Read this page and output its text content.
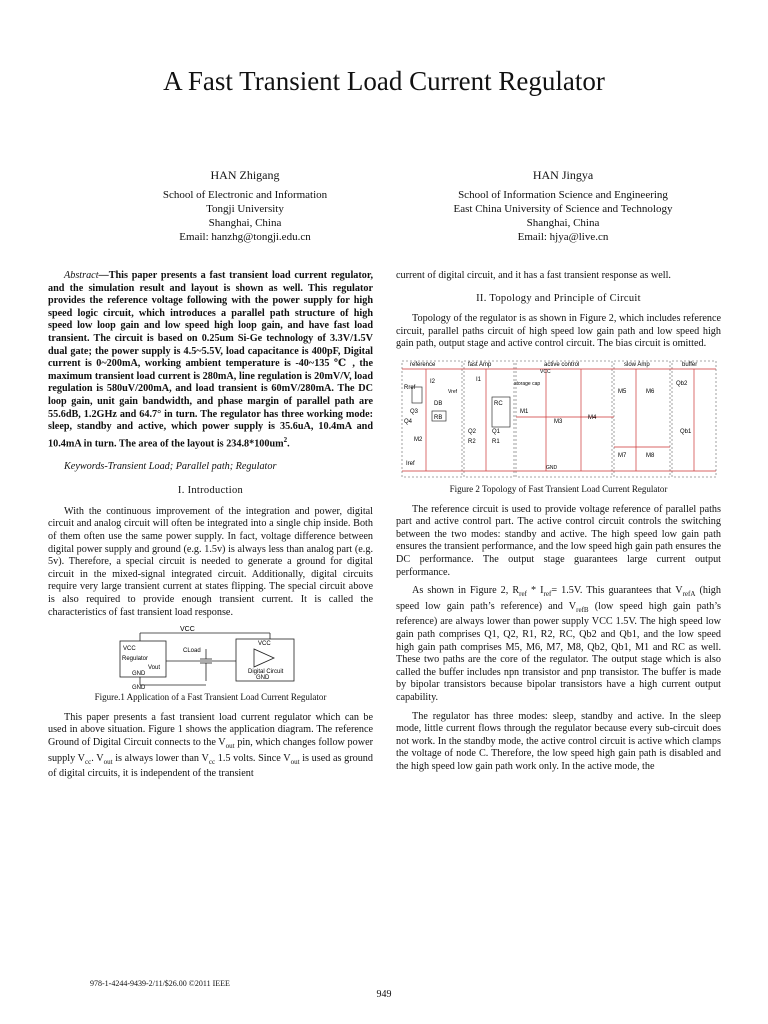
A Fast Transient Load Current Regulator
HAN Zhigang
School of Electronic and Information
Tongji University
Shanghai, China
Email: hanzhg@tongji.edu.cn
HAN Jingya
School of Information Science and Engineering
East China University of Science and Technology
Shanghai, China
Email: hjya@live.cn

Abstract—This paper presents a fast transient load current regulator, and the simulation result and layout is shown as well. This regulator provides the reference voltage following with the power supply for high speed logic circuit, which introduces a parallel path structure of high speed low loop gain and low speed high loop gain, and have fast load transient. The circuit is based on 0.25um Si-Ge technology of 3.3V/1.5V dual gate; the power supply is 4.5~5.5V, load capacitance is 400pF, Digital current is 0~200mA, working ambient temperature is -40~135 ℃ , the maximum transient load current is 280mA, line regulation is 20mV/V, load regulation is 580uV/200mA, and load transient is 60mV/280mA. The DC loop gain, unit gain bandwidth, and phase margin of parallel path are 55.6dB, 1.2GHz and 64.7° in turn. The regulator has three working mode: sleep, standby and active, which power supply is 35.6uA, 10.4mA and 10.4mA in turn. The area of the layout is $234.8*100um^2$.

Keywords-Transient Load; Parallel path; Regulator

I. Introduction

With the continuous improvement of the integration and power, digital circuit and analog circuit will often be integrated into a single chip inside. Both of them often use the same power supply. In fact, voltage difference between digital power supply and ground (e.g. 1.5v) is always less than analog part (e.g. 5v). Therefore, a special circuit is needed to generate a ground for digital circuit in the mixed-signal integrated circuit. Additionally, digital circuits require very large transient current at states flipping. The special circuit above is also required to provide enough transient current. It is called the characteristics of fast transient load response.

VCC
VCC
Regulator
Vout
GND
GND
CLoad
VCC
Digital Circuit
GND
Figure.1 Application of a Fast Transient Load Current Regulator

This paper presents a fast transient load current regulator which can be used in above situation. Figure 1 shows the application diagram. The reference Ground of Digital Circuit connects to the $V_{out}$ pin, which changes follow power supply $V_{cc}$. $V_{out}$ is always lower than $V_{cc}$ 1.5 volts. Since $V_{out}$ is used as ground of digital circuits, it is independent of the transient

current of digital circuit, and it has a fast transient response as well.

II. Topology and Principle of Circuit

Topology of the regulator is as shown in Figure 2, which includes reference circuit, parallel paths circuit of high speed low gain path and low speed high gain path, output stage and active control circuit. The bias circuit is omitted.

reference	fast Amp	active control	slow Amp	buffer
Rref
I2
DB
Q3
RB
Q4
M2
Iref
I1
RC
Q2	Q1
R2	R1
M1
M3
M4
M5	M6
M7	M8
Qb2
Qb1
VCC
GND
Vref
storage cap
Figure 2 Topology of Fast Transient Load Current Regulator

The reference circuit is used to provide voltage reference of parallel paths part and active control part. The active control circuit controls the switching between the two modes: standby and active. The high speed low gain path ensures the transient performance, and the low speed high gain path ensures the DC performance. The output stage guarantees large current output performance.

As shown in Figure 2, $R_{ref} * I_{ref}= 1.5V$. This guarantees that $V_{refA}$ (high speed low gain path’s reference) and $V_{refB}$ (low speed high gain path’s reference) are always lower than power supply VCC 1.5V. The high speed low gain path comprises Q1, Q2, R1, R2, RC, Qb2 and Qb1, and the low speed high gain path comprises M5, M6, M7, M8, Qb2, Qb1, M1 and RC as well. These two paths are the core of the regulator. The output stage which is also called the buffer includes npn transistor and pnp transistor. The buffer is made by bipolar transistors because bipolar transistors have a high current output capability.

The regulator has three modes: sleep, standby and active. In the sleep mode, little current flows through the regulator because every sub-circuit does not work. In the standby mode, the active control circuit is active which clamps the voltage of node C. Therefore, the low speed high gain path is disabled and the high speed low gain path work only. In the active mode, the

978-1-4244-9439-2/11/$26.00 ©2011 IEEE
949
